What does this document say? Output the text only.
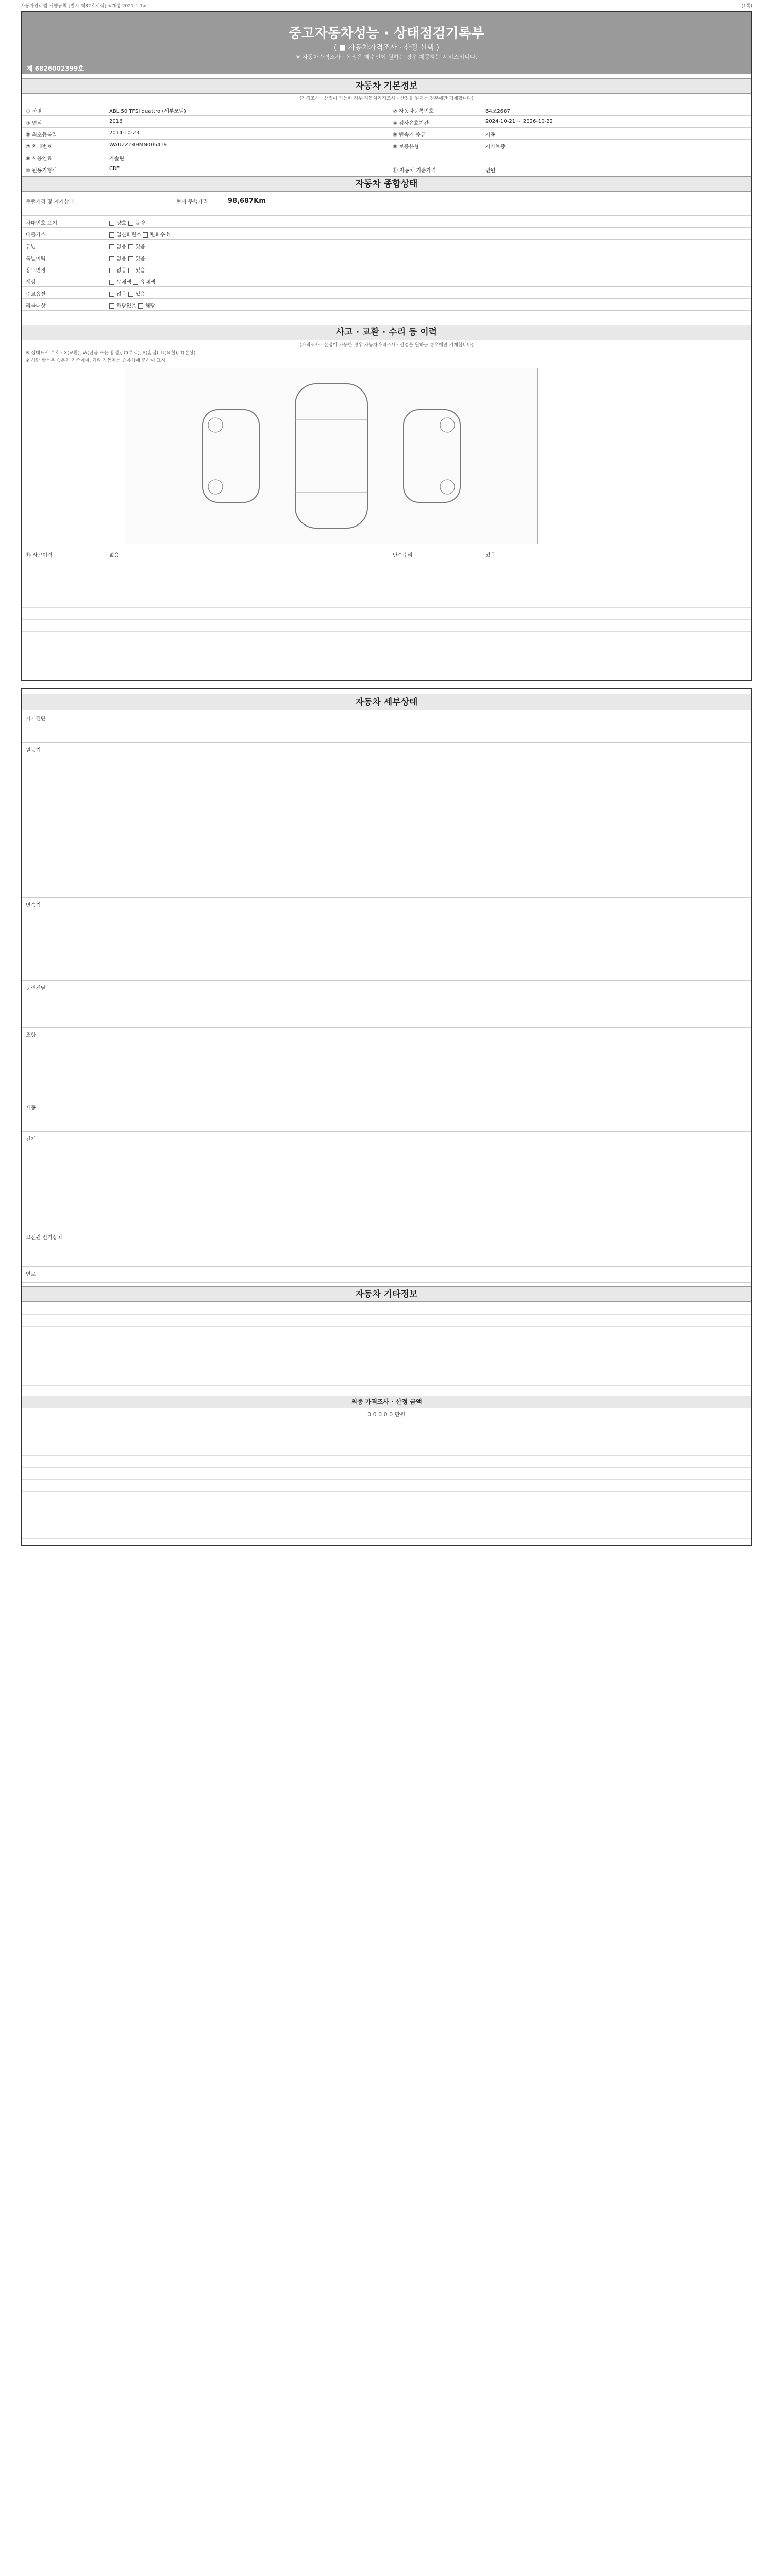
자동차관리법 시행규칙 [별지 제82호서식] <개정 2021.1.1>	(1쪽)
중고자동차성능 · 상태점검기록부
( ■ 자동차가격조사 · 산정 선택 )
※ 자동차가격조사 · 산정은 매수인이 원하는 경우 제공하는 서비스입니다.
제 6826002399호
자동차 기본정보
(가격조사 · 산정이 가능한 경우 자동차가격조사 · 산정을 원하는 경우에만 기재합니다)
① 차명	ABL 50 TFSI quattro (세부모델)	② 자동차등록번호	64조2687
③ 연식	2016	④ 검사유효기간	2024-10-21 ~ 2026-10-22
⑤ 최초등록일	2014-10-23	⑥ 변속기 종류	자동
⑦ 차대번호	WAUZZZ4HMN005419	⑧ 보증유형	자가보증
⑨ 사용연료	가솔린
⑩ 원동기형식	CRE	⑪ 자동차 기준가격	만원
자동차 종합상태
주행거리 및 계기상태	현재 주행거리	98,687Km
차대번호 표기	양호 불량
배출가스	일산화탄소 탄화수소
튜닝	없음 있음
특별이력	없음 있음
용도변경	없음 있음
색상	무채색 유채색
주요옵션	없음 있음
리콜대상	해당없음 해당
사고 · 교환 · 수리 등 이력
(가격조사 · 산정이 가능한 경우 자동차가격조사 · 산정을 원하는 경우에만 기재합니다)
※ 상태표시 부호 : X(교환), W(판금 또는 용접), C(부식), A(흠집), U(요철), T(손상)
※ 하단 항목은 승용차 기준이며, 기타 자동차는 승용차에 준하여 표시
⑭ 사고이력	없음	단순수리	있음
자동차 세부상태
자기진단
원동기
변속기
동력전달
조향
제동
전기
고전원 전기장치
연료
자동차 기타정보
최종 가격조사 · 산정 금액
0 0 0 0 0 만원
